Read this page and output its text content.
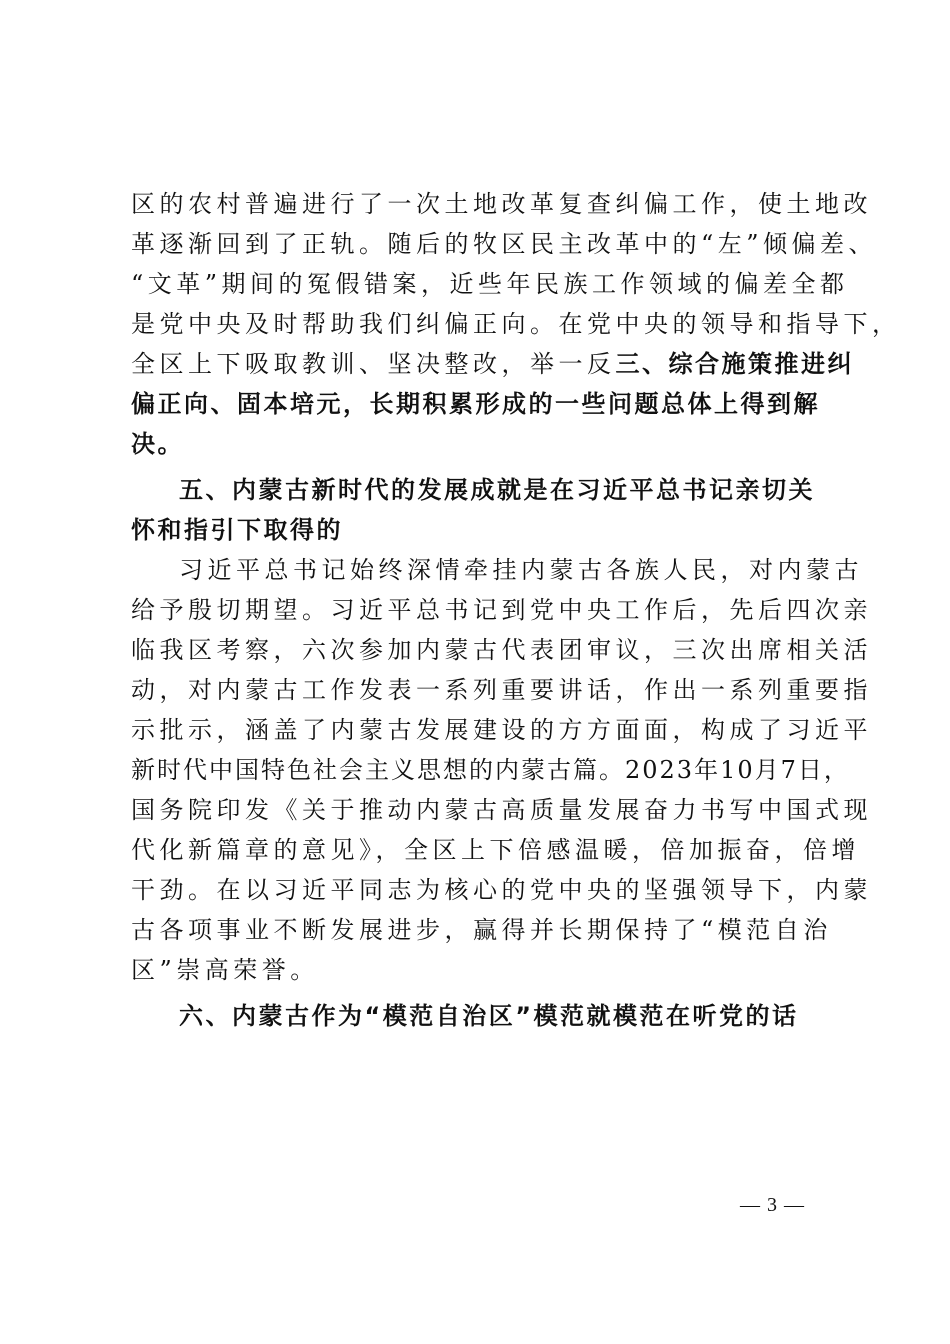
区的农村普遍进行了一次土地改革复查纠偏工作，使土地改
革逐渐回到了正轨。随后的牧区民主改革中的“左”倾偏差、
“文革”期间的冤假错案，近些年民族工作领域的偏差全都
是党中央及时帮助我们纠偏正向。在党中央的领导和指导下，
全区上下吸取教训、坚决整改，举一反三、综合施策推进纠
偏正向、固本培元，长期积累形成的一些问题总体上得到解
决。
五、内蒙古新时代的发展成就是在习近平总书记亲切关
怀和指引下取得的
习近平总书记始终深情牵挂内蒙古各族人民，对内蒙古
给予殷切期望。习近平总书记到党中央工作后，先后四次亲
临我区考察，六次参加内蒙古代表团审议，三次出席相关活
动，对内蒙古工作发表一系列重要讲话，作出一系列重要指
示批示，涵盖了内蒙古发展建设的方方面面，构成了习近平
新时代中国特色社会主义思想的内蒙古篇。2023年10月7日，
国务院印发《关于推动内蒙古高质量发展奋力书写中国式现
代化新篇章的意见》，全区上下倍感温暖，倍加振奋，倍增
干劲。在以习近平同志为核心的党中央的坚强领导下，内蒙
古各项事业不断发展进步，赢得并长期保持了“模范自治
区”崇高荣誉。
六、内蒙古作为“模范自治区”模范就模范在听党的话
— 3 —
